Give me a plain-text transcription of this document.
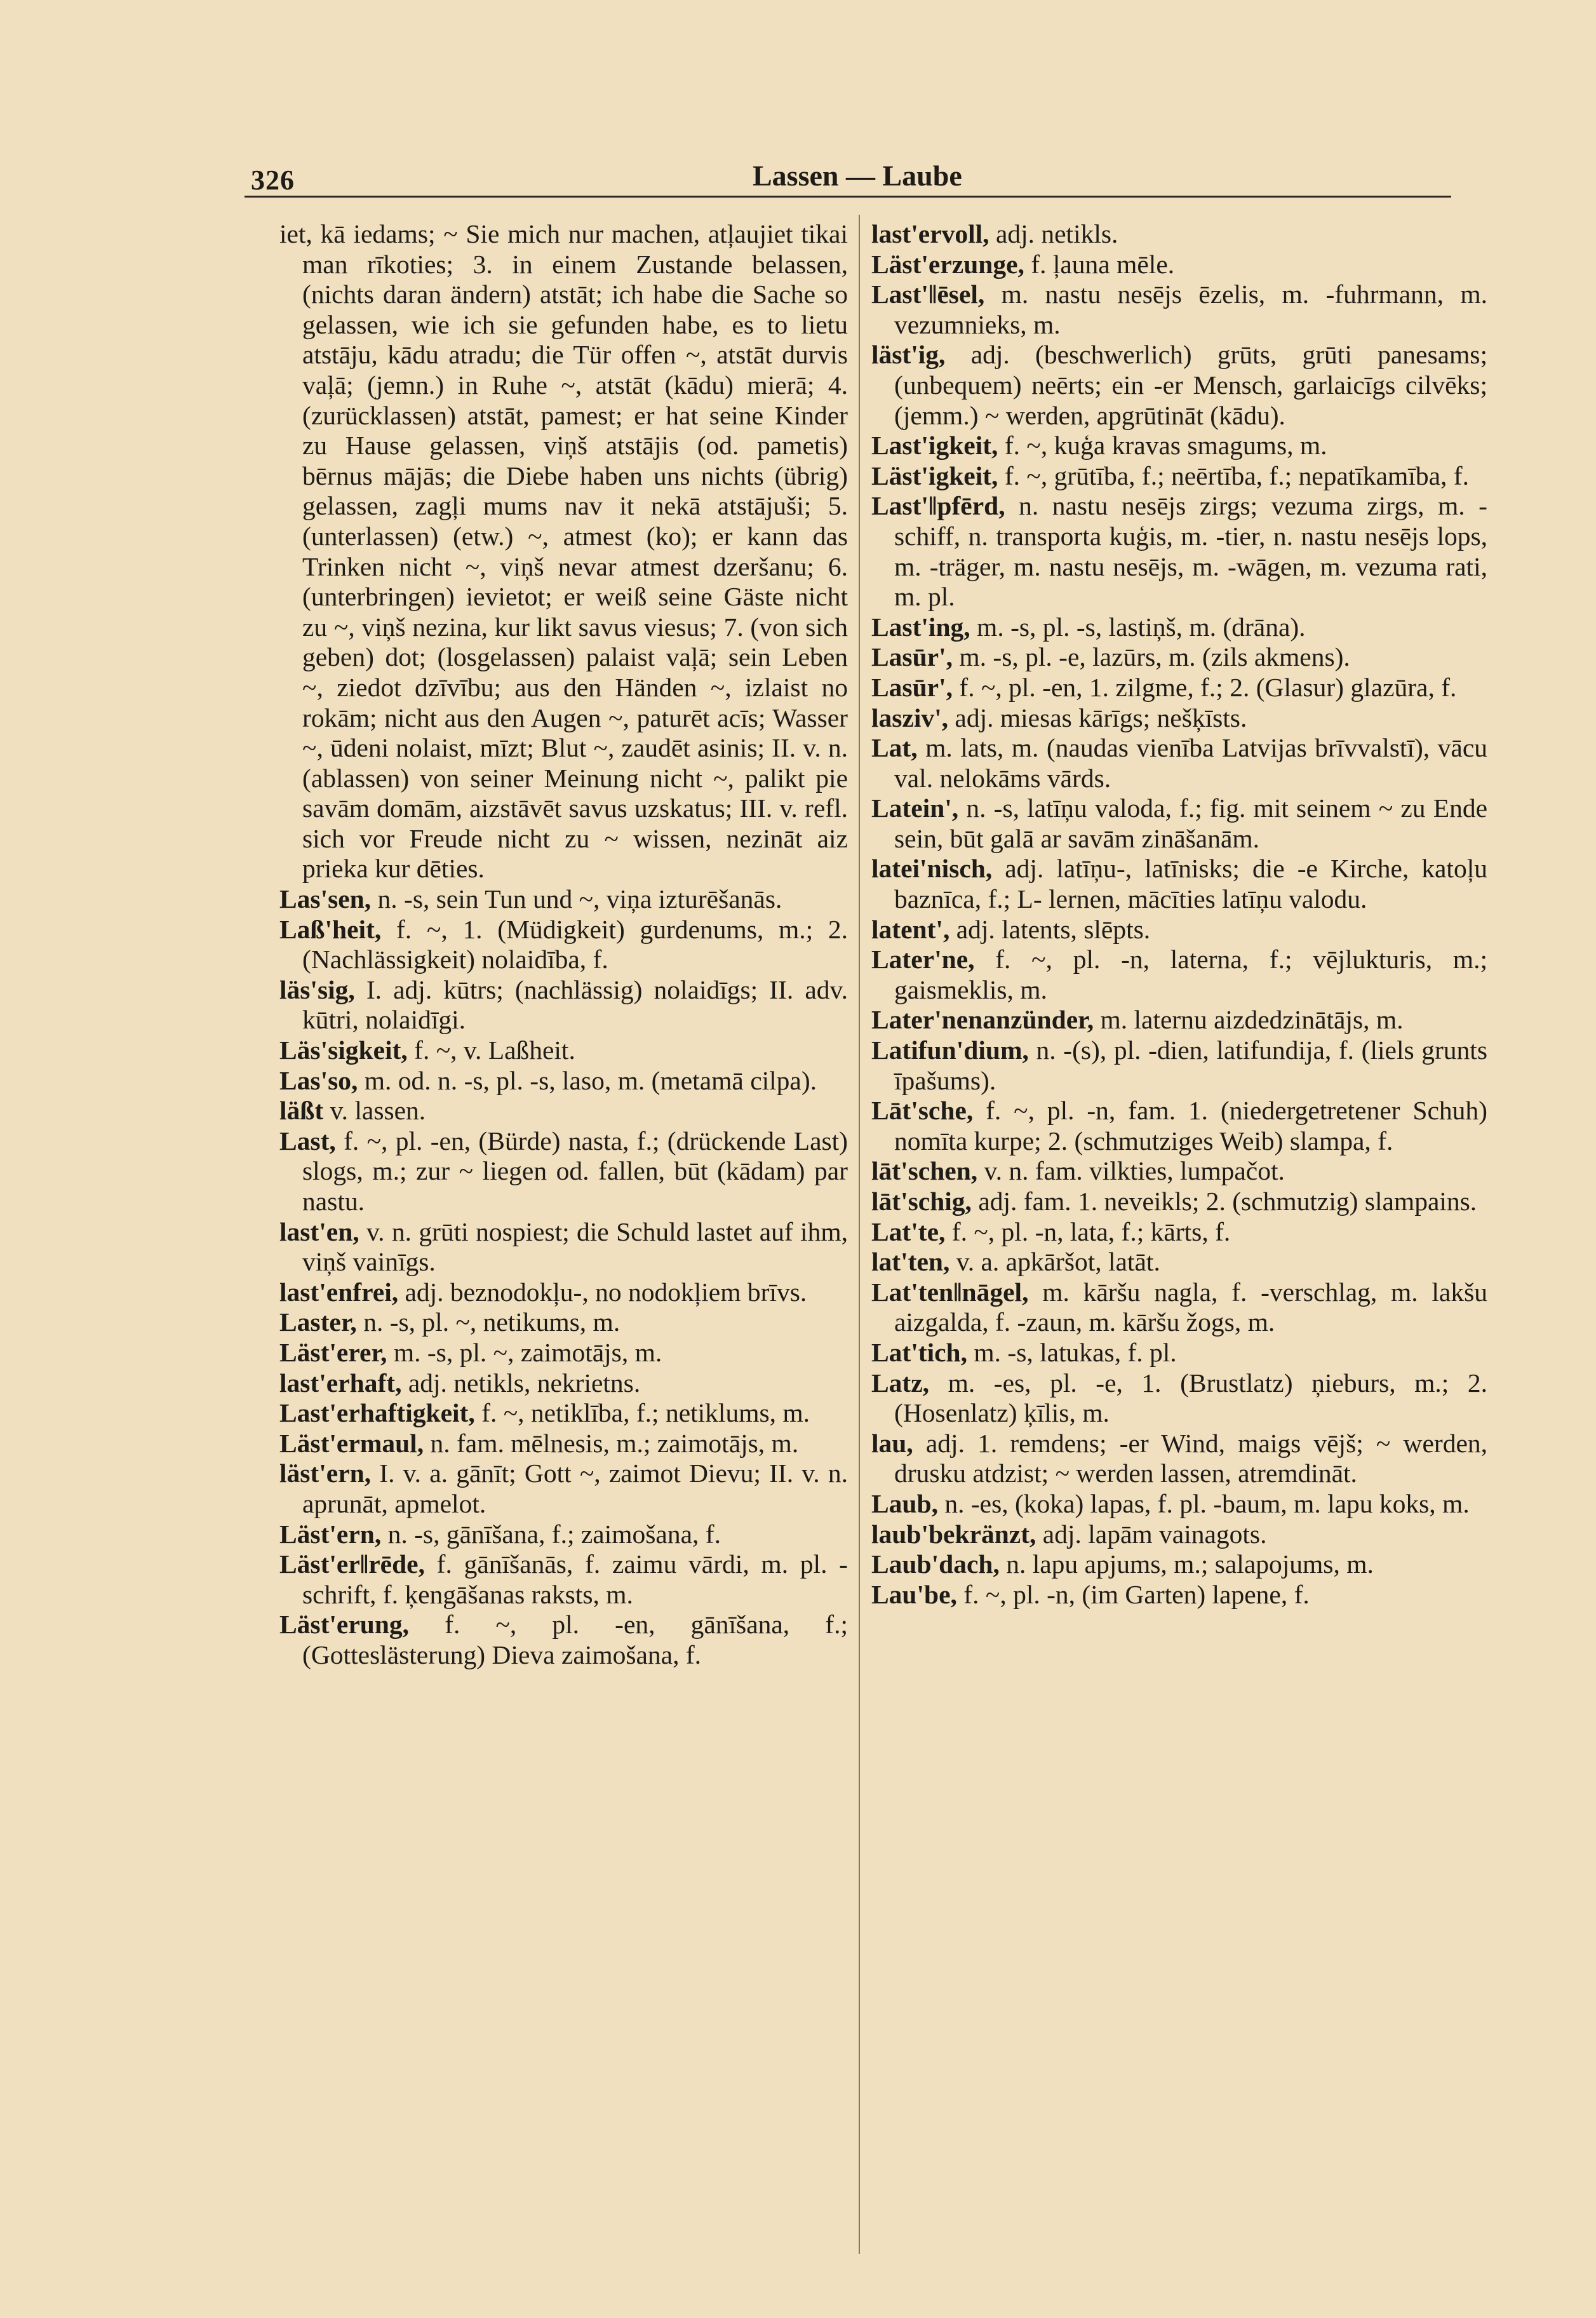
326	Lassen — Laube

iet, kā iedams; ~ Sie mich nur machen, atļaujiet tikai man rīkoties; 3. in einem Zustande belassen, (nichts daran ändern) atstāt; ich habe die Sache so gelassen, wie ich sie gefunden habe, es to lietu atstāju, kādu atradu; die Tür offen ~, atstāt durvis vaļā; (jemn.) in Ruhe ~, atstāt (kādu) mierā; 4. (zurücklassen) atstāt, pamest; er hat seine Kinder zu Hause gelassen, viņš atstājis (od. pametis) bērnus mājās; die Diebe haben uns nichts (übrig) gelassen, zagļi mums nav it nekā atstājuši; 5. (unterlassen) (etw.) ~, atmest (ko); er kann das Trinken nicht ~, viņš nevar atmest dzeršanu; 6. (unterbringen) ievietot; er weiß seine Gäste nicht zu ~, viņš nezina, kur likt savus viesus; 7. (von sich geben) dot; (losgelassen) palaist vaļā; sein Leben ~, ziedot dzīvību; aus den Händen ~, izlaist no rokām; nicht aus den Augen ~, paturēt acīs; Wasser ~, ūdeni nolaist, mīzt; Blut ~, zaudēt asinis; II. v. n. (ablassen) von seiner Meinung nicht ~, palikt pie savām domām, aizstāvēt savus uzskatus; III. v. refl. sich vor Freude nicht zu ~ wissen, nezināt aiz prieka kur dēties.

Las'sen, n. -s, sein Tun und ~, viņa izturēšanās.

Laß'heit, f. ~, 1. (Müdigkeit) gurdenums, m.; 2. (Nachlässigkeit) nolaidība, f.

läs'sig, I. adj. kūtrs; (nachlässig) nolaidīgs; II. adv. kūtri, nolaidīgi.

Läs'sigkeit, f. ~, v. Laßheit.

Las'so, m. od. n. -s, pl. -s, laso, m. (metamā cilpa).

läßt v. lassen.

Last, f. ~, pl. -en, (Bürde) nasta, f.; (drückende Last) slogs, m.; zur ~ liegen od. fallen, būt (kādam) par nastu.

last'en, v. n. grūti nospiest; die Schuld lastet auf ihm, viņš vainīgs.

last'enfrei, adj. beznodokļu-, no nodokļiem brīvs.

Laster, n. -s, pl. ~, netikums, m.

Läst'erer, m. -s, pl. ~, zaimotājs, m.

last'erhaft, adj. netikls, nekrietns.

Last'erhaftigkeit, f. ~, netiklība, f.; netiklums, m.

Läst'ermaul, n. fam. mēlnesis, m.; zaimotājs, m.

läst'ern, I. v. a. gānīt; Gott ~, zaimot Dievu; II. v. n. aprunāt, apmelot.

Läst'ern, n. -s, gānīšana, f.; zaimošana, f.

Läst'er‖rēde, f. gānīšanās, f. zaimu vārdi, m. pl. -schrift, f. ķengāšanas raksts, m.

Läst'erung, f. ~, pl. -en, gānīšana, f.; (Gotteslästerung) Dieva zaimošana, f.

last'ervoll, adj. netikls.

Läst'erzunge, f. ļauna mēle.

Last'‖ēsel, m. nastu nesējs ēzelis, m. -fuhrmann, m. vezumnieks, m.

läst'ig, adj. (beschwerlich) grūts, grūti panesams; (unbequem) neērts; ein -er Mensch, garlaicīgs cilvēks; (jemm.) ~ werden, apgrūtināt (kādu).

Last'igkeit, f. ~, kuģa kravas smagums, m.

Läst'igkeit, f. ~, grūtība, f.; neērtība, f.; nepatīkamība, f.

Last'‖pfērd, n. nastu nesējs zirgs; vezuma zirgs, m. -schiff, n. transporta kuģis, m. -tier, n. nastu nesējs lops, m. -träger, m. nastu nesējs, m. -wāgen, m. vezuma rati, m. pl.

Last'ing, m. -s, pl. -s, lastiņš, m. (drāna).

Lasūr', m. -s, pl. -e, lazūrs, m. (zils akmens).

Lasūr', f. ~, pl. -en, 1. zilgme, f.; 2. (Glasur) glazūra, f.

lasziv', adj. miesas kārīgs; nešķīsts.

Lat, m. lats, m. (naudas vienība Latvijas brīvvalstī), vācu val. nelokāms vārds.

Latein', n. -s, latīņu valoda, f.; fig. mit seinem ~ zu Ende sein, būt galā ar savām zināšanām.

latei'nisch, adj. latīņu-, latīnisks; die -e Kirche, katoļu baznīca, f.; L- lernen, mācīties latīņu valodu.

latent', adj. latents, slēpts.

Later'ne, f. ~, pl. -n, laterna, f.; vējlukturis, m.; gaismeklis, m.

Later'nenanzünder, m. laternu aizdedzinātājs, m.

Latifun'dium, n. -(s), pl. -dien, latifundija, f. (liels grunts īpašums).

Lāt'sche, f. ~, pl. -n, fam. 1. (niedergetretener Schuh) nomīta kurpe; 2. (schmutziges Weib) slampa, f.

lāt'schen, v. n. fam. vilkties, lumpačot.

lāt'schig, adj. fam. 1. neveikls; 2. (schmutzig) slampains.

Lat'te, f. ~, pl. -n, lata, f.; kārts, f.

lat'ten, v. a. apkāršot, latāt.

Lat'ten‖nāgel, m. kāršu nagla, f. -verschlag, m. lakšu aizgalda, f. -zaun, m. kāršu žogs, m.

Lat'tich, m. -s, latukas, f. pl.

Latz, m. -es, pl. -e, 1. (Brustlatz) ņieburs, m.; 2. (Hosenlatz) ķīlis, m.

lau, adj. 1. remdens; -er Wind, maigs vējš; ~ werden, drusku atdzist; ~ werden lassen, atremdināt.

Laub, n. -es, (koka) lapas, f. pl. -baum, m. lapu koks, m.

laub'bekränzt, adj. lapām vainagots.

Laub'dach, n. lapu apjums, m.; salapojums, m.

Lau'be, f. ~, pl. -n, (im Garten) lapene, f.
